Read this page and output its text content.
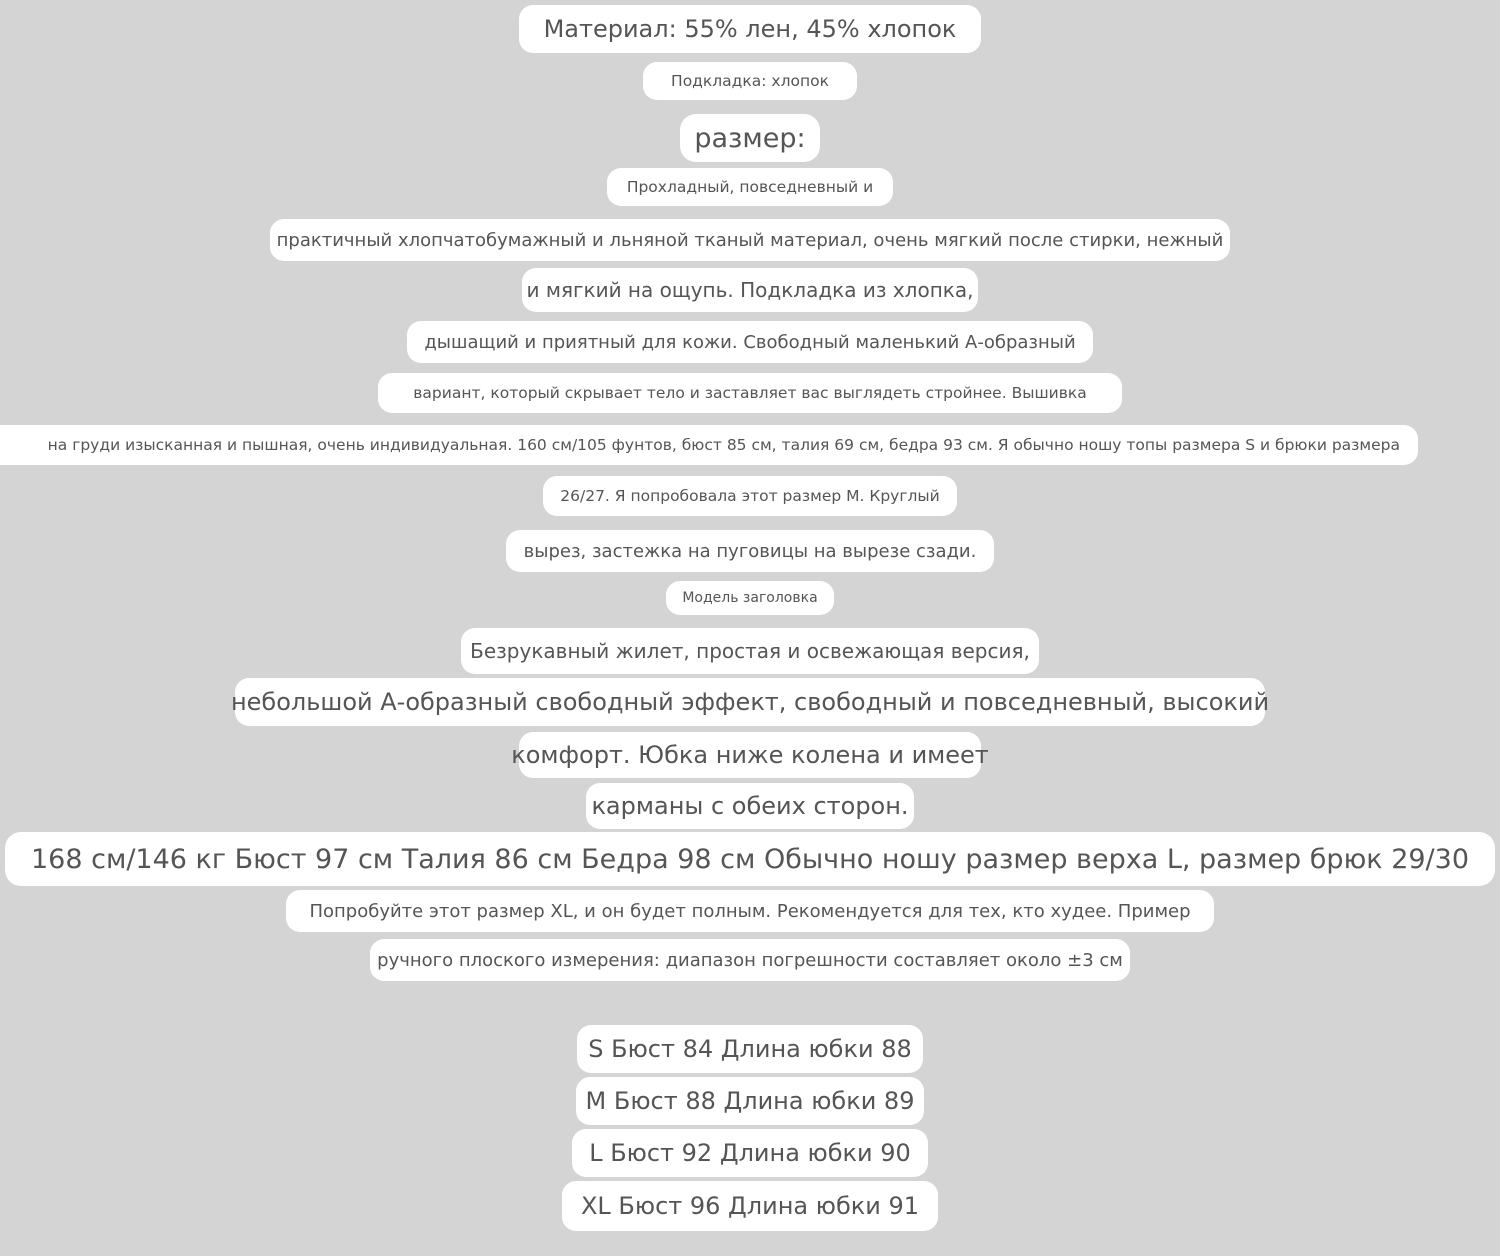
Материал: 55% лен, 45% хлопок
Подкладка: хлопок
размер:
Прохладный, повседневный и
практичный хлопчатобумажный и льняной тканый материал, очень мягкий после стирки, нежный
и мягкий на ощупь. Подкладка из хлопка,
дышащий и приятный для кожи. Свободный маленький А-образный
вариант, который скрывает тело и заставляет вас выглядеть стройнее. Вышивка
на груди изысканная и пышная, очень индивидуальная. 160 см/105 фунтов, бюст 85 см, талия 69 см, бедра 93 см. Я обычно ношу топы размера S и брюки размера
26/27. Я попробовала этот размер М. Круглый
вырез, застежка на пуговицы на вырезе сзади.
Модель заголовка
Безрукавный жилет, простая и освежающая версия,
небольшой А-образный свободный эффект, свободный и повседневный, высокий
комфорт. Юбка ниже колена и имеет
карманы с обеих сторон.
168 см/146 кг Бюст 97 см Талия 86 см Бедра 98 см Обычно ношу размер верха L, размер брюк 29/30
Попробуйте этот размер XL, и он будет полным. Рекомендуется для тех, кто худее. Пример
ручного плоского измерения: диапазон погрешности составляет около ±3 см
S Бюст 84 Длина юбки 88
M Бюст 88 Длина юбки 89
L Бюст 92 Длина юбки 90
XL Бюст 96 Длина юбки 91
